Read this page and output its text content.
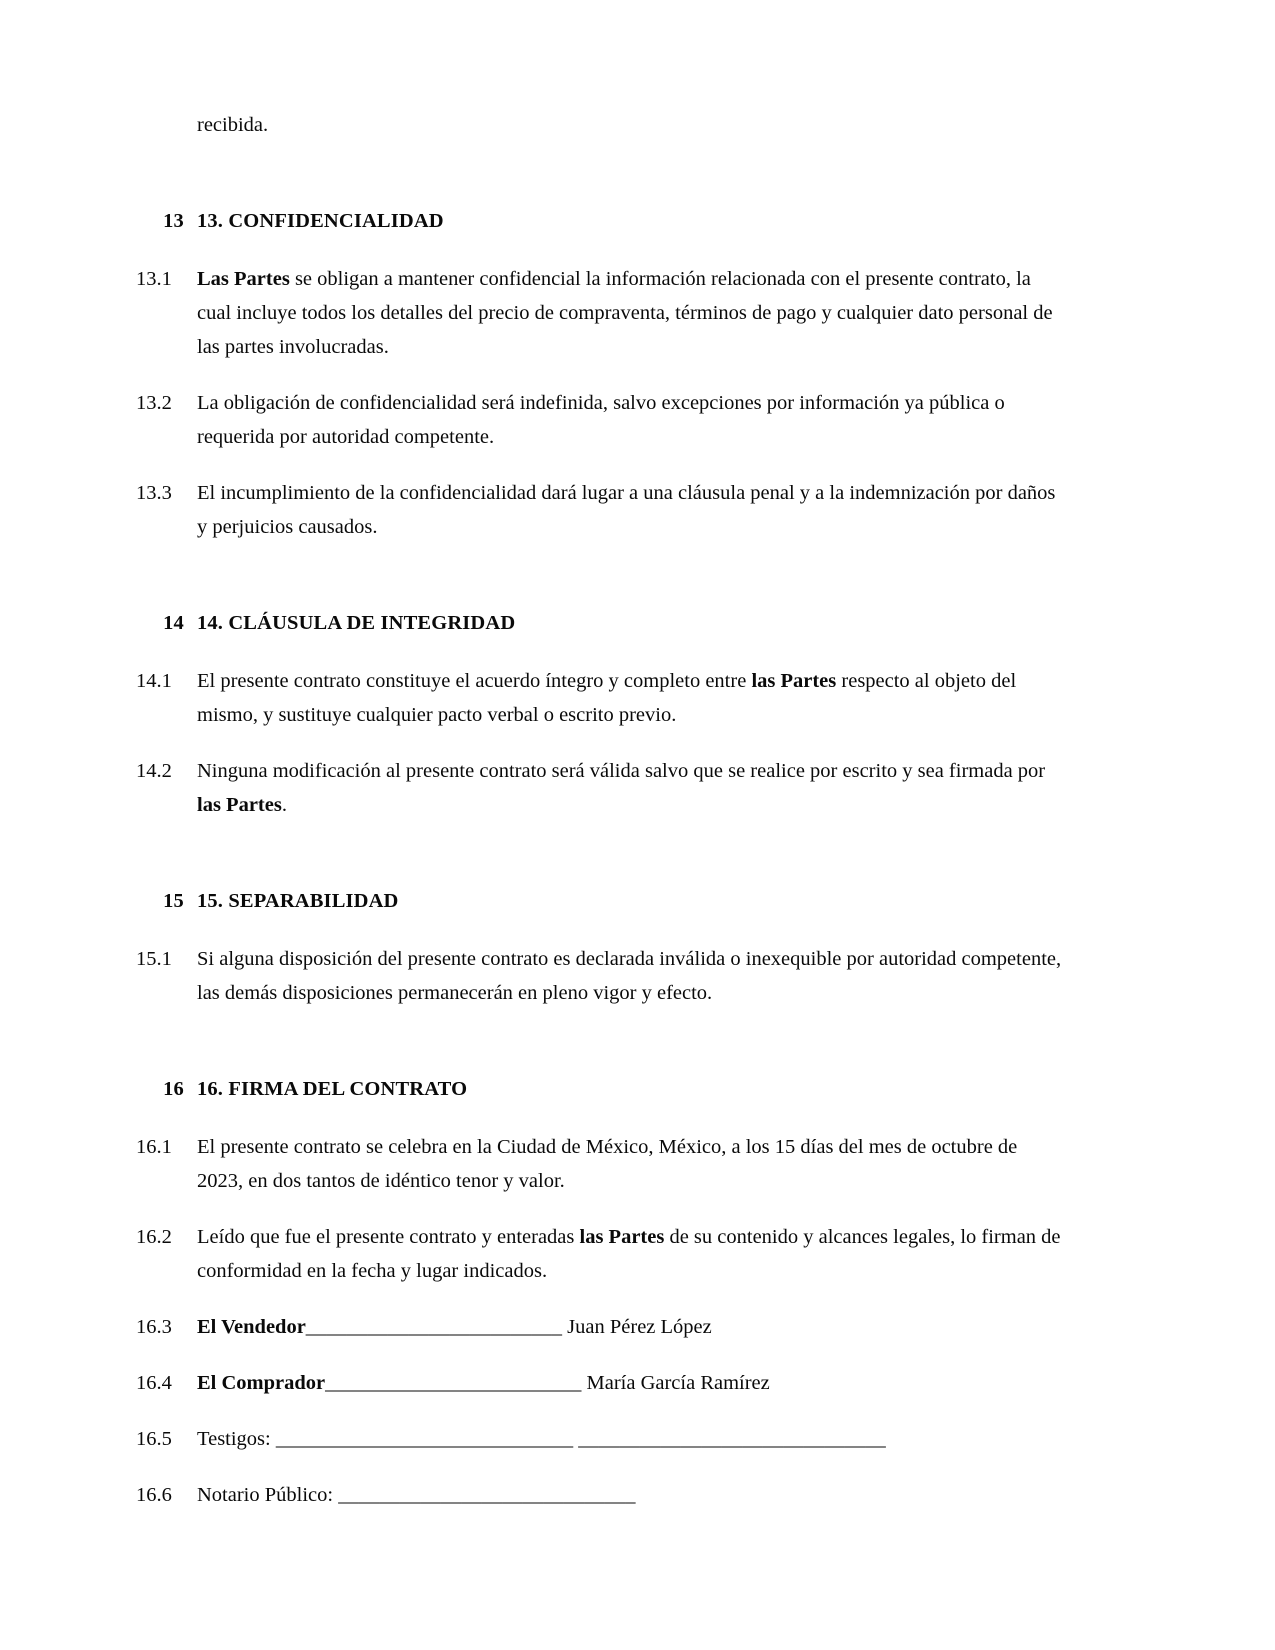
recibida.
13 13. CONFIDENCIALIDAD
13.1	Las Partes se obligan a mantener confidencial la información relacionada con el presente contrato, la cual incluye todos los detalles del precio de compraventa, términos de pago y cualquier dato personal de las partes involucradas.
13.2	La obligación de confidencialidad será indefinida, salvo excepciones por información ya pública o requerida por autoridad competente.
13.3	El incumplimiento de la confidencialidad dará lugar a una cláusula penal y a la indemnización por daños y perjuicios causados.
14 14. CLÁUSULA DE INTEGRIDAD
14.1	El presente contrato constituye el acuerdo íntegro y completo entre las Partes respecto al objeto del mismo, y sustituye cualquier pacto verbal o escrito previo.
14.2	Ninguna modificación al presente contrato será válida salvo que se realice por escrito y sea firmada por las Partes.
15 15. SEPARABILIDAD
15.1	Si alguna disposición del presente contrato es declarada inválida o inexequible por autoridad competente, las demás disposiciones permanecerán en pleno vigor y efecto.
16 16. FIRMA DEL CONTRATO
16.1	El presente contrato se celebra en la Ciudad de México, México, a los 15 días del mes de octubre de 2023, en dos tantos de idéntico tenor y valor.
16.2	Leído que fue el presente contrato y enteradas las Partes de su contenido y alcances legales, lo firman de conformidad en la fecha y lugar indicados.
16.3	El Vendedor_________________________ Juan Pérez López
16.4	El Comprador_________________________ María García Ramírez
16.5	Testigos: _____________________________ ______________________________
16.6	Notario Público: _____________________________
